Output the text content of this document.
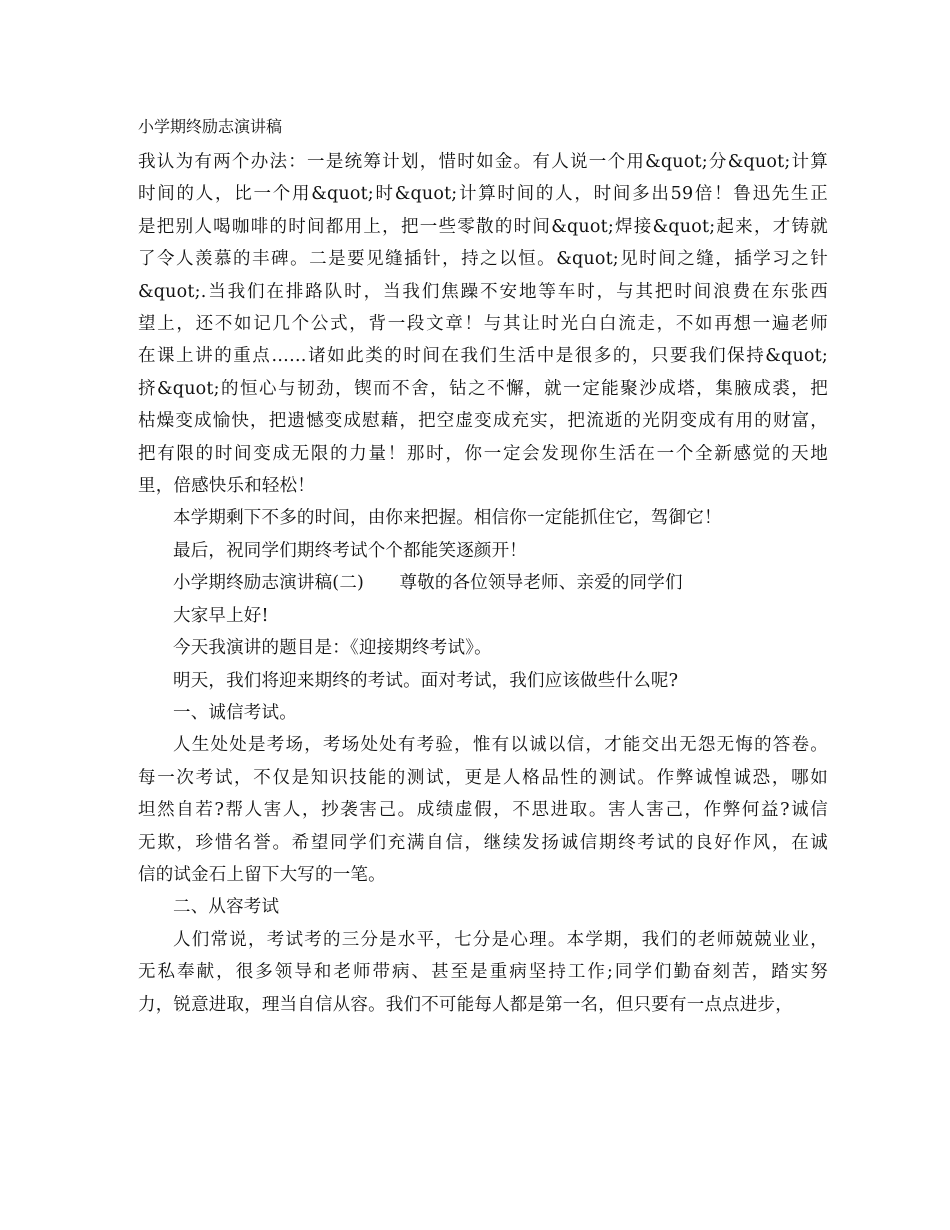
小学期终励志演讲稿
我认为有两个办法：一是统筹计划，惜时如金。有人说一个用&quot;分&quot;计算
时间的人，比一个用&quot;时&quot;计算时间的人，时间多出59倍！鲁迅先生正
是把别人喝咖啡的时间都用上，把一些零散的时间&quot;焊接&quot;起来，才铸就
了令人羡慕的丰碑。二是要见缝插针，持之以恒。&quot;见时间之缝，插学习之针
&quot;.当我们在排路队时，当我们焦躁不安地等车时，与其把时间浪费在东张西
望上，还不如记几个公式，背一段文章！与其让时光白白流走，不如再想一遍老师
在课上讲的重点……诸如此类的时间在我们生活中是很多的，只要我们保持&quot;
挤&quot;的恒心与韧劲，锲而不舍，钻之不懈，就一定能聚沙成塔，集腋成裘，把
枯燥变成愉快，把遗憾变成慰藉，把空虚变成充实，把流逝的光阴变成有用的财富，
把有限的时间变成无限的力量！那时，你一定会发现你生活在一个全新感觉的天地
里，倍感快乐和轻松！
本学期剩下不多的时间，由你来把握。相信你一定能抓住它，驾御它！
最后，祝同学们期终考试个个都能笑逐颜开！
小学期终励志演讲稿(二)　　尊敬的各位领导老师、亲爱的同学们
大家早上好!
今天我演讲的题目是：《迎接期终考试》。
明天，我们将迎来期终的考试。面对考试，我们应该做些什么呢?
一、诚信考试。
人生处处是考场，考场处处有考验，惟有以诚以信，才能交出无怨无悔的答卷。
每一次考试，不仅是知识技能的测试，更是人格品性的测试。作弊诚惶诚恐，哪如
坦然自若?帮人害人，抄袭害己。成绩虚假，不思进取。害人害己，作弊何益?诚信
无欺，珍惜名誉。希望同学们充满自信，继续发扬诚信期终考试的良好作风，在诚
信的试金石上留下大写的一笔。
二、从容考试
人们常说，考试考的三分是水平，七分是心理。本学期，我们的老师兢兢业业，
无私奉献，很多领导和老师带病、甚至是重病坚持工作;同学们勤奋刻苦，踏实努
力，锐意进取，理当自信从容。我们不可能每人都是第一名，但只要有一点点进步，
